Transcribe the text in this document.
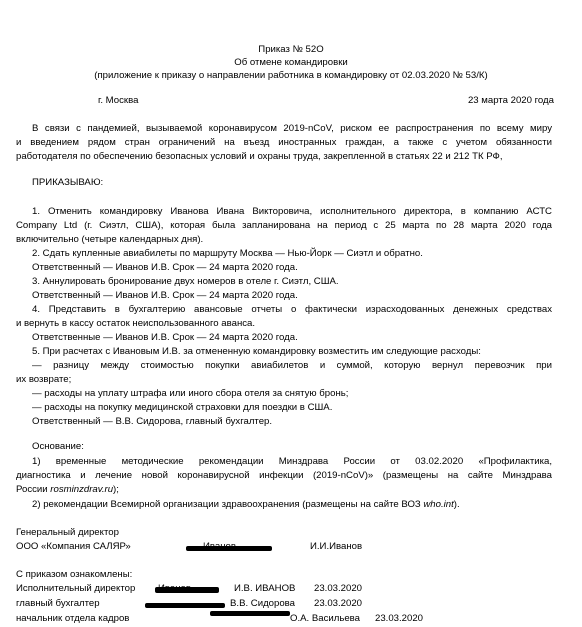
Приказ № 52О
Об отмене командировки
(приложение к приказу о направлении работника в командировку от 02.03.2020 № 53/К)
г. Москва	23 марта 2020 года
В связи с пандемией, вызываемой коронавирусом 2019-nCoV, риском ее распространения по всему миру
и введением рядом стран ограничений на въезд иностранных граждан, а также с учетом обязанности
работодателя по обеспечению безопасных условий и охраны труда, закрепленной в статьях 22 и 212 ТК РФ,
ПРИКАЗЫВАЮ:
1. Отменить командировку Иванова Ивана Викторовича, исполнительного директора, в компанию АСТС
Company Ltd (г. Сиэтл, США), которая была запланирована на период с 25 марта по 28 марта 2020 года
включительно (четыре календарных дня).
2. Сдать купленные авиабилеты по маршруту Москва — Нью-Йорк — Сиэтл и обратно.
Ответственный — Иванов И.В. Срок — 24 марта 2020 года.
3. Аннулировать бронирование двух номеров в отеле г. Сиэтл, США.
Ответственный — Иванов И.В. Срок — 24 марта 2020 года.
4. Представить в бухгалтерию авансовые отчеты о фактически израсходованных денежных средствах
и вернуть в кассу остаток неиспользованного аванса.
Ответственные — Иванов И.В. Срок — 24 марта 2020 года.
5. При расчетах с Ивановым И.В. за отмененную командировку возместить им следующие расходы:
— разницу между стоимостью покупки авиабилетов и суммой, которую вернул перевозчик при
их возврате;
— расходы на уплату штрафа или иного сбора отеля за снятую бронь;
— расходы на покупку медицинской страховки для поездки в США.
Ответственный — В.В. Сидорова, главный бухгалтер.
Основание:
1) временные методические рекомендации Минздрава России от 03.02.2020 «Профилактика,
диагностика и лечение новой коронавирусной инфекции (2019-nCoV)» (размещены на сайте Минздрава
России rosminzdrav.ru);
2) рекомендации Всемирной организации здравоохранения (размещены на сайте ВОЗ who.int).
Генеральный директор
ООО «Компания САЛЯР»	Иванов	И.И.Иванов
С приказом ознакомлены:
Исполнительный директор Иванов	И.В. ИВАНОВ 23.03.2020
главный бухгалтер	В.В. Сидорова 23.03.2020
начальник отдела кадров	О.А. Васильева 23.03.2020
